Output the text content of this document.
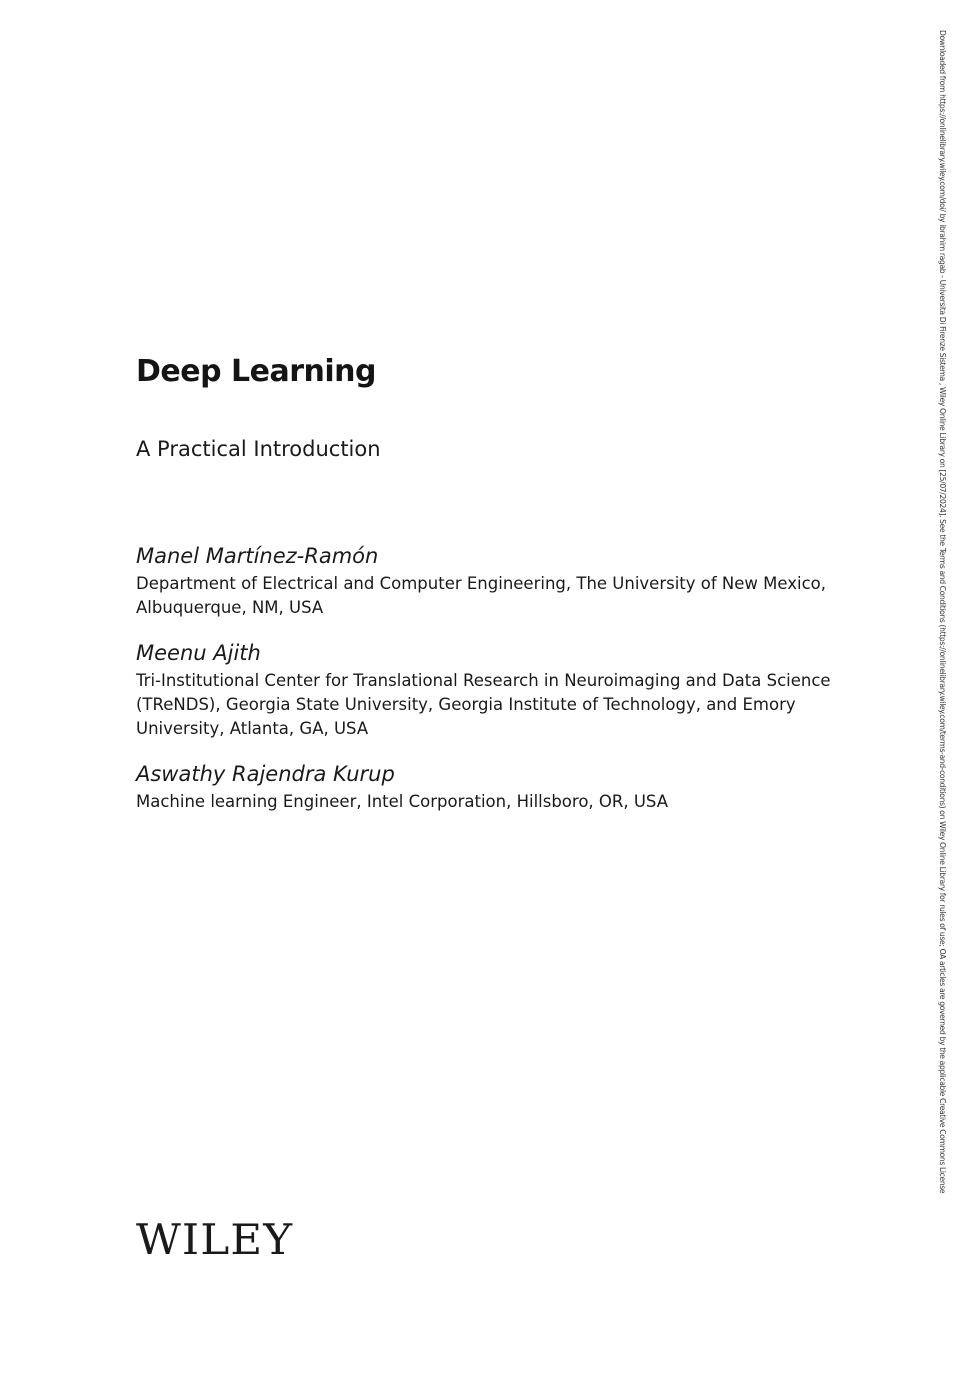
Deep Learning
A Practical Introduction
Manel Martínez-Ramón
Department of Electrical and Computer Engineering, The University of New Mexico, Albuquerque, NM, USA
Meenu Ajith
Tri-Institutional Center for Translational Research in Neuroimaging and Data Science (TReNDS), Georgia State University, Georgia Institute of Technology, and Emory University, Atlanta, GA, USA
Aswathy Rajendra Kurup
Machine learning Engineer, Intel Corporation, Hillsboro, OR, USA
WILEY
Downloaded from https://onlinelibrary.wiley.com/doi/ by ibrahim ragab - Universita Di Firenze Sistema , Wiley Online Library on [25/07/2024]. See the Terms and Conditions (https://onlinelibrary.wiley.com/terms-and-conditions) on Wiley Online Library for rules of use; OA articles are governed by the applicable Creative Commons License
